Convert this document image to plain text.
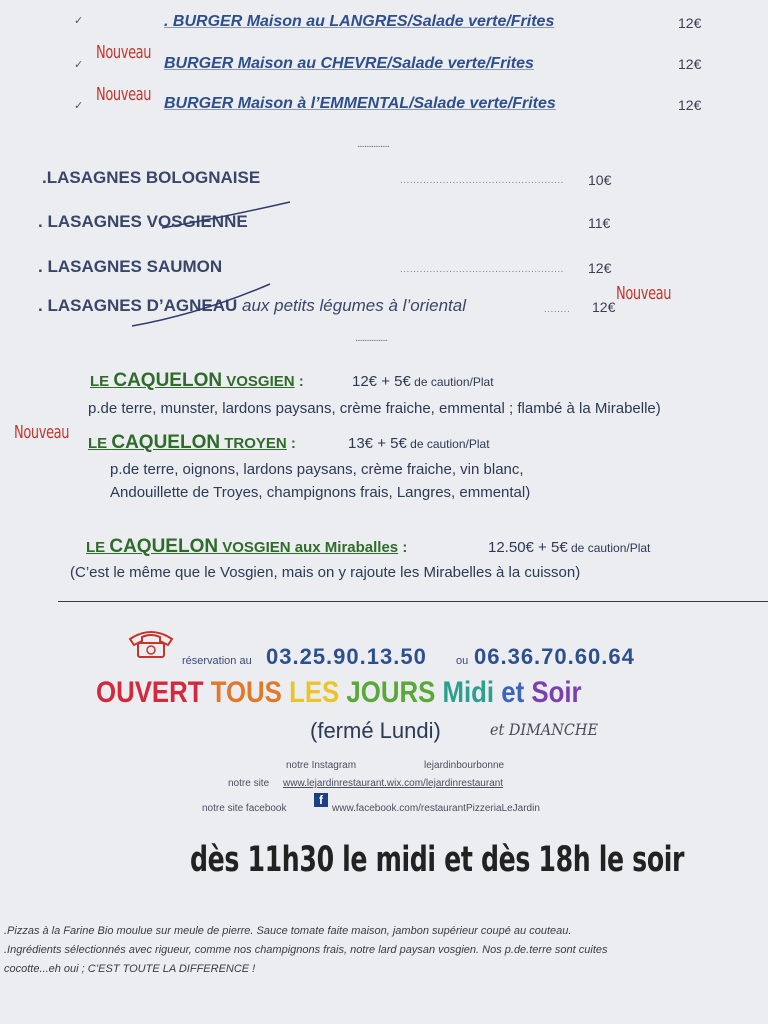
✓	. BURGER Maison au LANGRES/Salade verte/Frites	12€
Nouveau
✓	BURGER Maison au CHEVRE/Salade verte/Frites	12€
Nouveau
✓	BURGER Maison à l’EMMENTAL/Salade verte/Frites	12€
..................
.LASAGNES BOLOGNAISE	.................................................. 10€
. LASAGNES VOSGIENNE	11€
. LASAGNES SAUMON	.................................................. 12€
. LASAGNES D’AGNEAU aux petits légumes à l’oriental	........ 12€
Nouveau
..................
LE CAQUELON VOSGIEN :	12€ + 5€ de caution/Plat
p.de terre, munster, lardons paysans, crème fraiche, emmental ; flambé à la Mirabelle)
Nouveau
LE CAQUELON TROYEN :	13€ + 5€ de caution/Plat
p.de terre, oignons, lardons paysans, crème fraiche, vin blanc,
Andouillette de Troyes, champignons frais, Langres, emmental)
LE CAQUELON VOSGIEN aux Miraballes :	12.50€ + 5€ de caution/Plat
(C’est le même que le Vosgien, mais on y rajoute les Mirabelles à la cuisson)
réservation au 03.25.90.13.50	ou 06.36.70.60.64
OUVERT TOUS LES JOURS Midi et Soir
(fermé Lundi)	et DIMANCHE
notre Instagram	lejardinbourbonne
notre site www.lejardinrestaurant.wix.com/lejardinrestaurant
notre site facebook
f
www.facebook.com/restaurantPizzeriaLeJardin
dès 11h30 le midi et dès 18h le soir
.Pizzas à la Farine Bio moulue sur meule de pierre. Sauce tomate faite maison, jambon supérieur coupé au couteau.
.Ingrédients sélectionnés avec rigueur, comme nos champignons frais, notre lard paysan vosgien. Nos p.de.terre sont cuites
cocotte...eh oui ; C’EST TOUTE LA DIFFERENCE !
